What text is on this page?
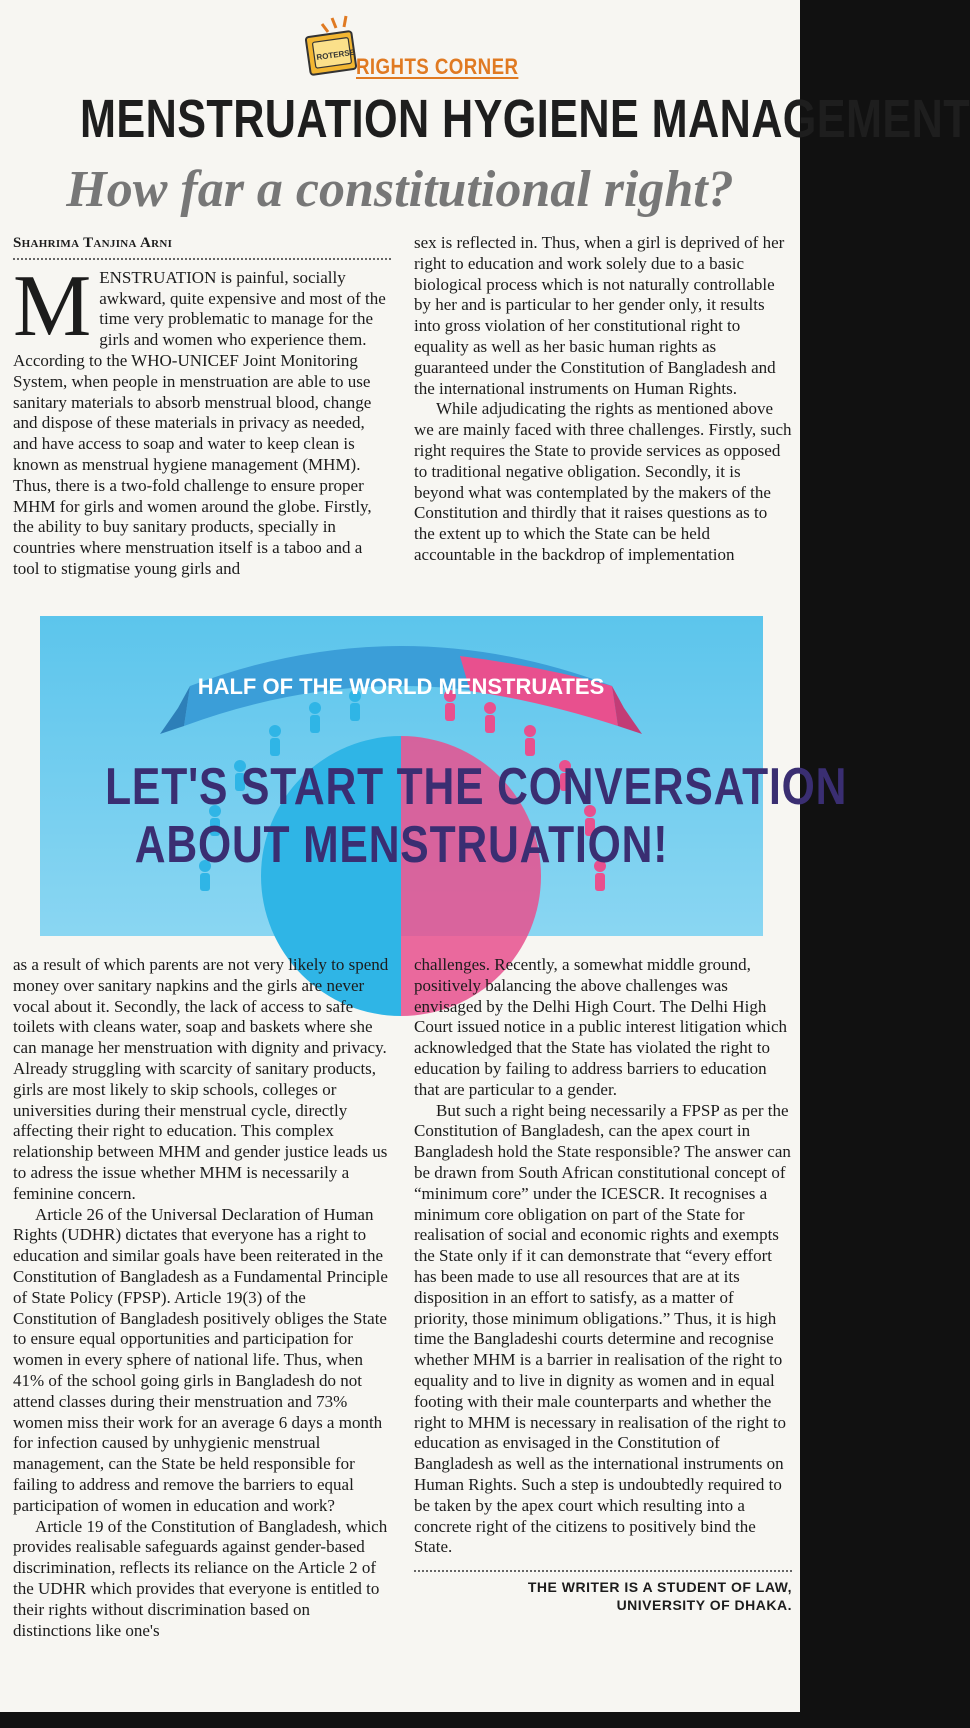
ROTERSE RIGHTS CORNER
MENSTRUATION HYGIENE MANAGEMENT
How far a constitutional right?
Shahrima Tanjina Arni

MENSTRUATION is painful, socially awkward, quite expensive and most of the time very problematic to manage for the girls and women who experience them. According to the WHO-UNICEF Joint Monitoring System, when people in menstruation are able to use sanitary materials to absorb menstrual blood, change and dispose of these materials in privacy as needed, and have access to soap and water to keep clean is known as menstrual hygiene management (MHM). Thus, there is a two-fold challenge to ensure proper MHM for girls and women around the globe. Firstly, the ability to buy sanitary products, specially in countries where menstruation itself is a taboo and a tool to stigmatise young girls and

sex is reflected in. Thus, when a girl is deprived of her right to education and work solely due to a basic biological process which is not naturally controllable by her and is particular to her gender only, it results into gross violation of her constitutional right to equality as well as her basic human rights as guaranteed under the Constitution of Bangladesh and the international instruments on Human Rights.

While adjudicating the rights as mentioned above we are mainly faced with three challenges. Firstly, such right requires the State to provide services as opposed to traditional negative obligation. Secondly, it is beyond what was contemplated by the makers of the Constitution and thirdly that it raises questions as to the extent up to which the State can be held accountable in the backdrop of implementation

HALF OF THE WORLD MENSTRUATES
LET'S START THE CONVERSATION
ABOUT MENSTRUATION!

as a result of which parents are not very likely to spend money over sanitary napkins and the girls are never vocal about it. Secondly, the lack of access to safe toilets with cleans water, soap and baskets where she can manage her menstruation with dignity and privacy. Already struggling with scarcity of sanitary products, girls are most likely to skip schools, colleges or universities during their menstrual cycle, directly affecting their right to education. This complex relationship between MHM and gender justice leads us to adress the issue whether MHM is necessarily a feminine concern.

Article 26 of the Universal Declaration of Human Rights (UDHR) dictates that everyone has a right to education and similar goals have been reiterated in the Constitution of Bangladesh as a Fundamental Principle of State Policy (FPSP). Article 19(3) of the Constitution of Bangladesh positively obliges the State to ensure equal opportunities and participation for women in every sphere of national life. Thus, when 41% of the school going girls in Bangladesh do not attend classes during their menstruation and 73% women miss their work for an average 6 days a month for infection caused by unhygienic menstrual management, can the State be held responsible for failing to address and remove the barriers to equal participation of women in education and work?

Article 19 of the Constitution of Bangladesh, which provides realisable safeguards against gender-based discrimination, reflects its reliance on the Article 2 of the UDHR which provides that everyone is entitled to their rights without discrimination based on distinctions like one's

challenges. Recently, a somewhat middle ground, positively balancing the above challenges was envisaged by the Delhi High Court. The Delhi High Court issued notice in a public interest litigation which acknowledged that the State has violated the right to education by failing to address barriers to education that are particular to a gender.

But such a right being necessarily a FPSP as per the Constitution of Bangladesh, can the apex court in Bangladesh hold the State responsible? The answer can be drawn from South African constitutional concept of “minimum core” under the ICESCR. It recognises a minimum core obligation on part of the State for realisation of social and economic rights and exempts the State only if it can demonstrate that “every effort has been made to use all resources that are at its disposition in an effort to satisfy, as a matter of priority, those minimum obligations.” Thus, it is high time the Bangladeshi courts determine and recognise whether MHM is a barrier in realisation of the right to equality and to live in dignity as women and in equal footing with their male counterparts and whether the right to MHM is necessary in realisation of the right to education as envisaged in the Constitution of Bangladesh as well as the international instruments on Human Rights. Such a step is undoubtedly required to be taken by the apex court which resulting into a concrete right of the citizens to positively bind the State.

THE WRITER IS A STUDENT OF LAW,
UNIVERSITY OF DHAKA.
